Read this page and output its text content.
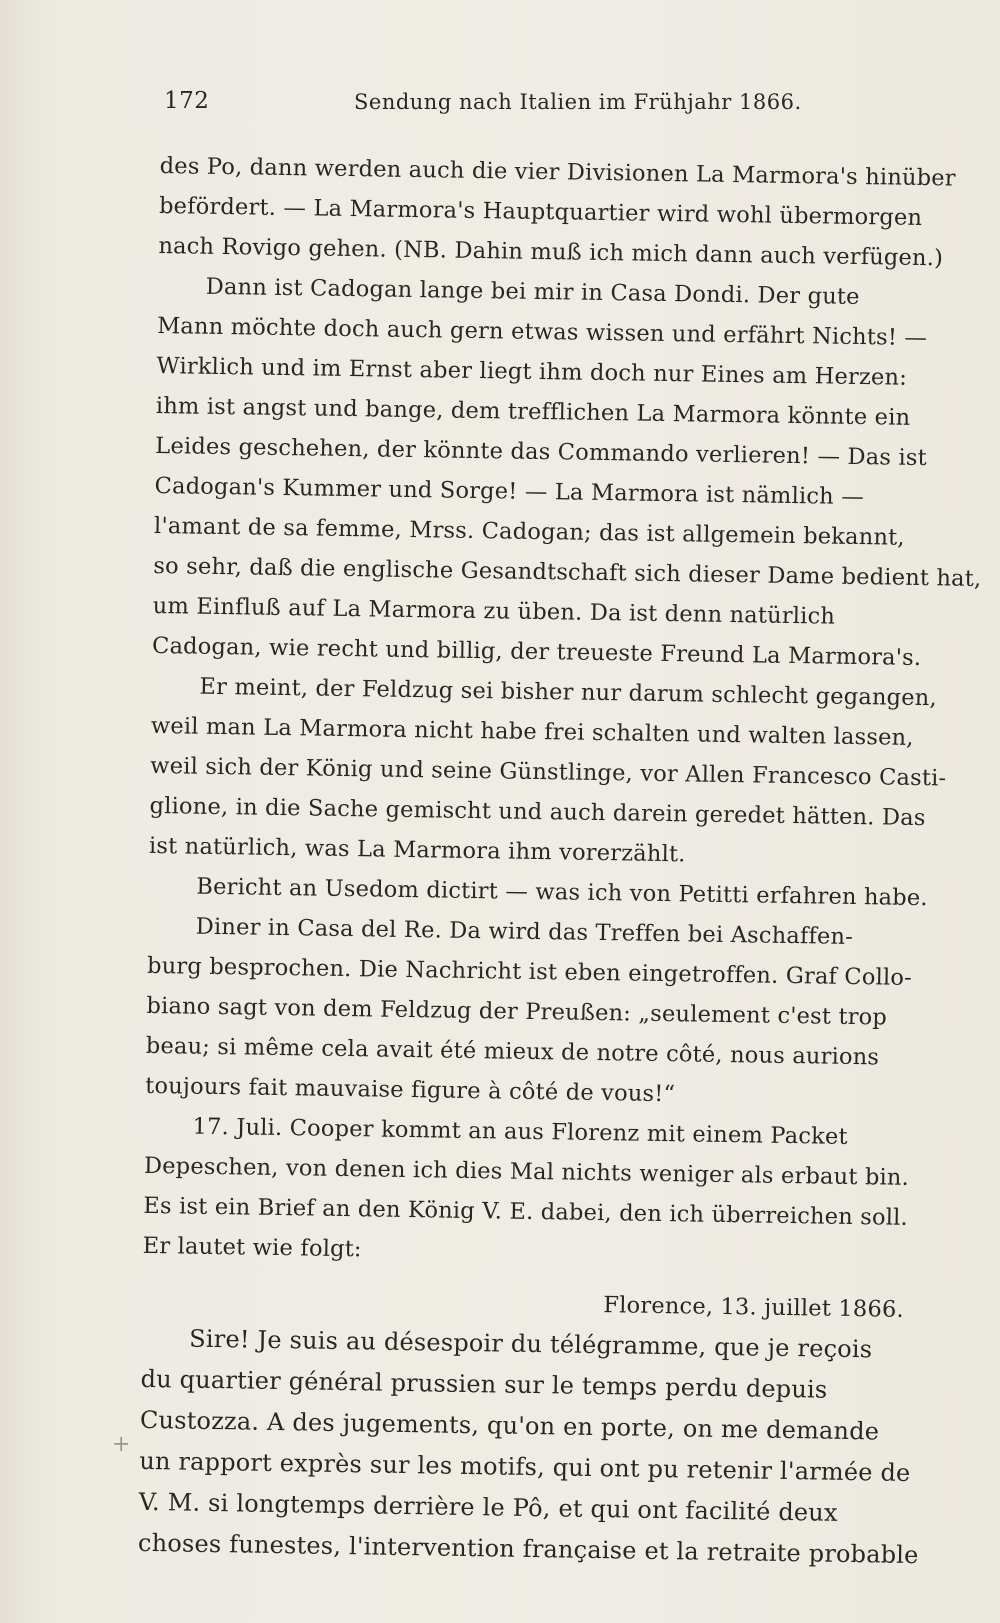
172	Sendung nach Italien im Frühjahr 1866.
+
des Po, dann werden auch die vier Divisionen La Marmora's hinüber
befördert. — La Marmora's Hauptquartier wird wohl übermorgen
nach Rovigo gehen. (NB. Dahin muß ich mich dann auch verfügen.)
Dann ist Cadogan lange bei mir in Casa Dondi. Der gute
Mann möchte doch auch gern etwas wissen und erfährt Nichts! —
Wirklich und im Ernst aber liegt ihm doch nur Eines am Herzen:
ihm ist angst und bange, dem trefflichen La Marmora könnte ein
Leides geschehen, der könnte das Commando verlieren! — Das ist
Cadogan's Kummer und Sorge! — La Marmora ist nämlich —
l'amant de sa femme, Mrss. Cadogan; das ist allgemein bekannt,
so sehr, daß die englische Gesandtschaft sich dieser Dame bedient hat,
um Einfluß auf La Marmora zu üben. Da ist denn natürlich
Cadogan, wie recht und billig, der treueste Freund La Marmora's.
Er meint, der Feldzug sei bisher nur darum schlecht gegangen,
weil man La Marmora nicht habe frei schalten und walten lassen,
weil sich der König und seine Günstlinge, vor Allen Francesco Casti-
glione, in die Sache gemischt und auch darein geredet hätten. Das
ist natürlich, was La Marmora ihm vorerzählt.
Bericht an Usedom dictirt — was ich von Petitti erfahren habe.
Diner in Casa del Re. Da wird das Treffen bei Aschaffen-
burg besprochen. Die Nachricht ist eben eingetroffen. Graf Collo-
biano sagt von dem Feldzug der Preußen: „seulement c'est trop
beau; si même cela avait été mieux de notre côté, nous aurions
toujours fait mauvaise figure à côté de vous!“
17. Juli. Cooper kommt an aus Florenz mit einem Packet
Depeschen, von denen ich dies Mal nichts weniger als erbaut bin.
Es ist ein Brief an den König V. E. dabei, den ich überreichen soll.
Er lautet wie folgt:
Florence, 13. juillet 1866.
Sire! Je suis au désespoir du télégramme, que je reçois
du quartier général prussien sur le temps perdu depuis
Custozza. A des jugements, qu'on en porte, on me demande
un rapport exprès sur les motifs, qui ont pu retenir l'armée de
V. M. si longtemps derrière le Pô, et qui ont facilité deux
choses funestes, l'intervention française et la retraite probable
